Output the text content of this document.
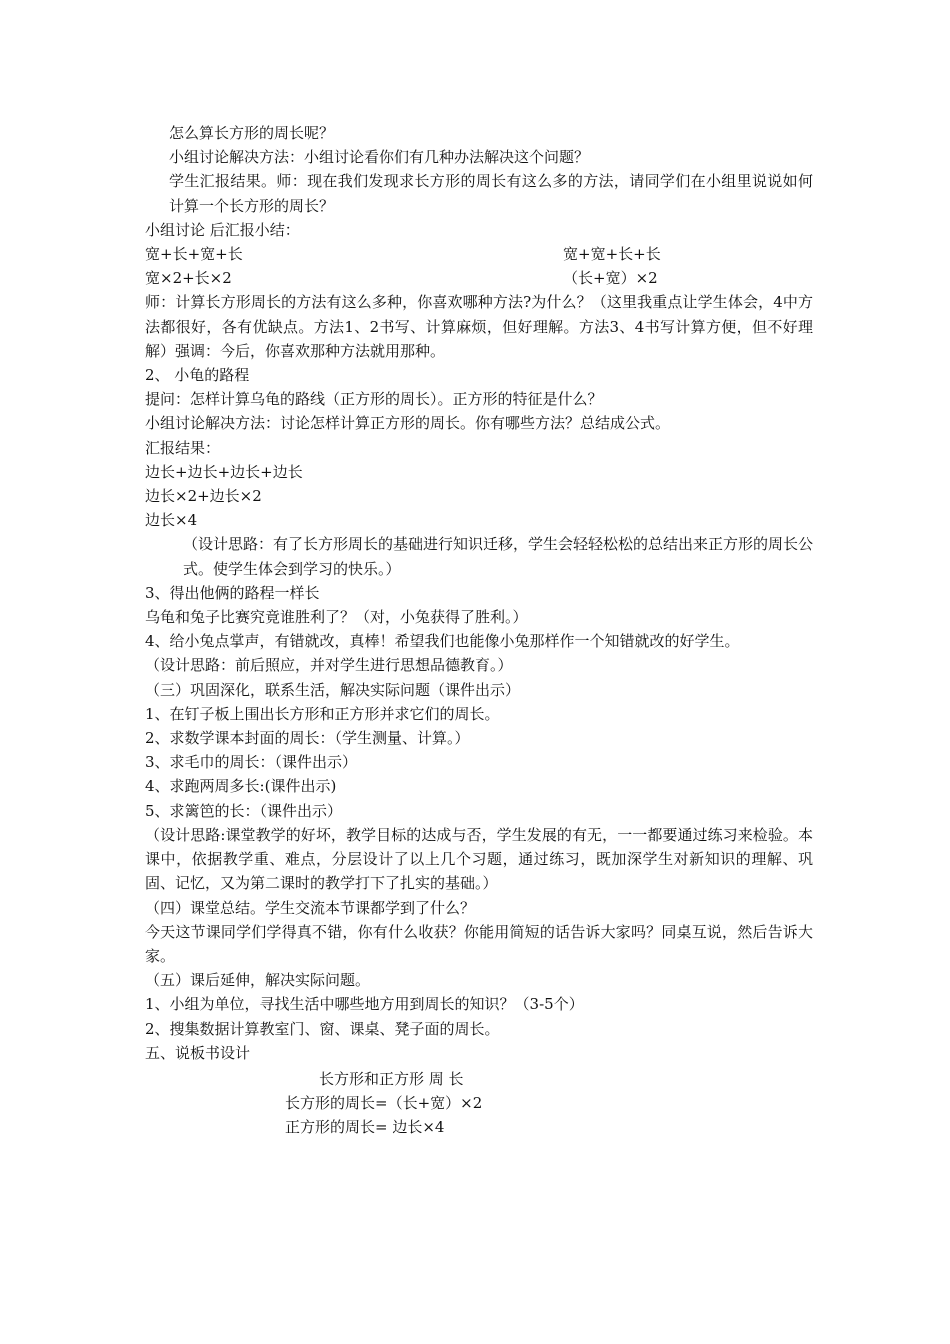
怎么算长方形的周长呢？

小组讨论解决方法：小组讨论看你们有几种办法解决这个问题？

学生汇报结果。师：现在我们发现求长方形的周长有这么多的方法，请同学们在小组里说说如何计算一个长方形的周长？

小组讨论 后汇报小结：

宽+长+宽+长	宽+宽+长+长
宽×2+长×2	（长+宽）×2

师：计算长方形周长的方法有这么多种，你喜欢哪种方法?为什么？（这里我重点让学生体会，4中方法都很好，各有优缺点。方法1、2书写、计算麻烦，但好理解。方法3、4书写计算方便，但不好理解）强调：今后，你喜欢那种方法就用那种。

2、 小龟的路程

提问：怎样计算乌龟的路线（正方形的周长）。正方形的特征是什么？

小组讨论解决方法：讨论怎样计算正方形的周长。你有哪些方法？总结成公式。

汇报结果：

边长+边长+边长+边长

边长×2+边长×2

边长×4

（设计思路：有了长方形周长的基础进行知识迁移，学生会轻轻松松的总结出来正方形的周长公式。使学生体会到学习的快乐。）

3、得出他俩的路程一样长

乌龟和兔子比赛究竟谁胜利了？（对，小兔获得了胜利。）

4、给小兔点掌声，有错就改，真棒！希望我们也能像小兔那样作一个知错就改的好学生。

（设计思路：前后照应，并对学生进行思想品德教育。）

（三）巩固深化，联系生活，解决实际问题（课件出示）

1、在钉子板上围出长方形和正方形并求它们的周长。

2、求数学课本封面的周长：（学生测量、计算。）

3、求毛巾的周长：（课件出示）

4、求跑两周多长:(课件出示)

5、求篱笆的长：（课件出示）

（设计思路:课堂教学的好坏，教学目标的达成与否，学生发展的有无，一一都要通过练习来检验。本课中，依据教学重、难点，分层设计了以上几个习题，通过练习，既加深学生对新知识的理解、巩固、记忆，又为第二课时的教学打下了扎实的基础。）

（四）课堂总结。学生交流本节课都学到了什么？

今天这节课同学们学得真不错，你有什么收获？你能用简短的话告诉大家吗？同桌互说，然后告诉大家。

（五）课后延伸，解决实际问题。

1、小组为单位，寻找生活中哪些地方用到周长的知识？（3-5个）

2、搜集数据计算教室门、窗、课桌、凳子面的周长。

五、说板书设计

长方形和正方形 周 长
长方形的周长=（长+宽）×2
正方形的周长= 边长×4
